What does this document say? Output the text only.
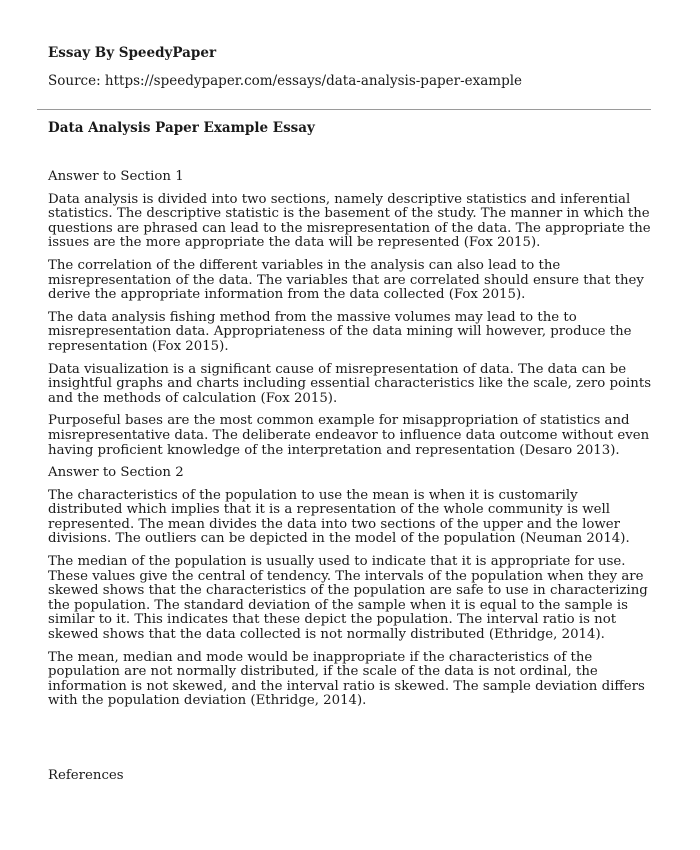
Essay By SpeedyPaper

Source: https://speedypaper.com/essays/data-analysis-paper-example

Data Analysis Paper Example Essay

Answer to Section 1

Data analysis is divided into two sections, namely descriptive statistics and inferential statistics. The descriptive statistic is the basement of the study. The manner in which the questions are phrased can lead to the misrepresentation of the data. The appropriate the issues are the more appropriate the data will be represented (Fox 2015).

The correlation of the different variables in the analysis can also lead to the misrepresentation of the data. The variables that are correlated should ensure that they derive the appropriate information from the data collected (Fox 2015).

The data analysis fishing method from the massive volumes may lead to the to misrepresentation data. Appropriateness of the data mining will however, produce the representation (Fox 2015).

Data visualization is a significant cause of misrepresentation of data. The data can be insightful graphs and charts including essential characteristics like the scale, zero points and the methods of calculation (Fox 2015).

Purposeful bases are the most common example for misappropriation of statistics and misrepresentative data. The deliberate endeavor to influence data outcome without even having proficient knowledge of the interpretation and representation (Desaro 2013).

Answer to Section 2

The characteristics of the population to use the mean is when it is customarily distributed which implies that it is a representation of the whole community is well represented. The mean divides the data into two sections of the upper and the lower divisions. The outliers can be depicted in the model of the population (Neuman 2014).

The median of the population is usually used to indicate that it is appropriate for use. These values give the central of tendency. The intervals of the population when they are skewed shows that the characteristics of the population are safe to use in characterizing the population. The standard deviation of the sample when it is equal to the sample is similar to it. This indicates that these depict the population. The interval ratio is not skewed shows that the data collected is not normally distributed (Ethridge, 2014).

The mean, median and mode would be inappropriate if the characteristics of the population are not normally distributed, if the scale of the data is not ordinal, the information is not skewed, and the interval ratio is skewed. The sample deviation differs with the population deviation (Ethridge, 2014).

References
